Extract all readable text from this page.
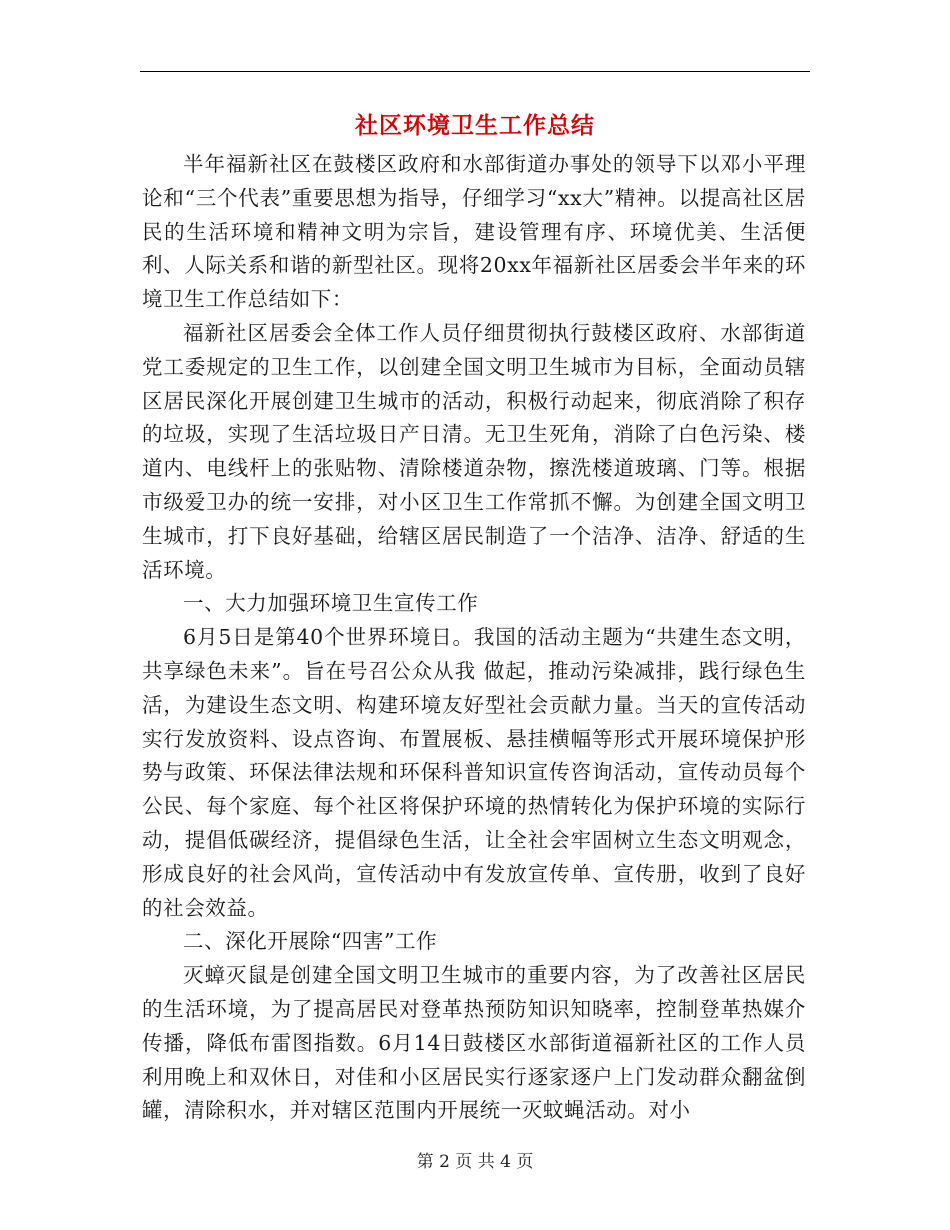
社区环境卫生工作总结

半年福新社区在鼓楼区政府和水部街道办事处的领导下以邓小平理论和“三个代表”重要思想为指导，仔细学习“xx大”精神。以提高社区居民的生活环境和精神文明为宗旨，建设管理有序、环境优美、生活便利、人际关系和谐的新型社区。现将20xx年福新社区居委会半年来的环境卫生工作总结如下：

福新社区居委会全体工作人员仔细贯彻执行鼓楼区政府、水部街道党工委规定的卫生工作，以创建全国文明卫生城市为目标，全面动员辖区居民深化开展创建卫生城市的活动，积极行动起来，彻底消除了积存的垃圾，实现了生活垃圾日产日清。无卫生死角，消除了白色污染、楼道内、电线杆上的张贴物、清除楼道杂物，擦洗楼道玻璃、门等。根据市级爱卫办的统一安排，对小区卫生工作常抓不懈。为创建全国文明卫生城市，打下良好基础，给辖区居民制造了一个洁净、洁净、舒适的生活环境。

一、大力加强环境卫生宣传工作

6月5日是第40个世界环境日。我国的活动主题为“共建生态文明，共享绿色未来”。旨在号召公众从我 做起，推动污染减排，践行绿色生活，为建设生态文明、构建环境友好型社会贡献力量。当天的宣传活动实行发放资料、设点咨询、布置展板、悬挂横幅等形式开展环境保护形势与政策、环保法律法规和环保科普知识宣传咨询活动，宣传动员每个公民、每个家庭、每个社区将保护环境的热情转化为保护环境的实际行动，提倡低碳经济，提倡绿色生活，让全社会牢固树立生态文明观念，形成良好的社会风尚，宣传活动中有发放宣传单、宣传册，收到了良好的社会效益。

二、深化开展除“四害”工作

灭蟑灭鼠是创建全国文明卫生城市的重要内容，为了改善社区居民的生活环境，为了提高居民对登革热预防知识知晓率，控制登革热媒介传播，降低布雷图指数。6月14日鼓楼区水部街道福新社区的工作人员利用晚上和双休日，对佳和小区居民实行逐家逐户上门发动群众翻盆倒罐，清除积水，并对辖区范围内开展统一灭蚊蝇活动。对小

第 2 页 共 4 页
